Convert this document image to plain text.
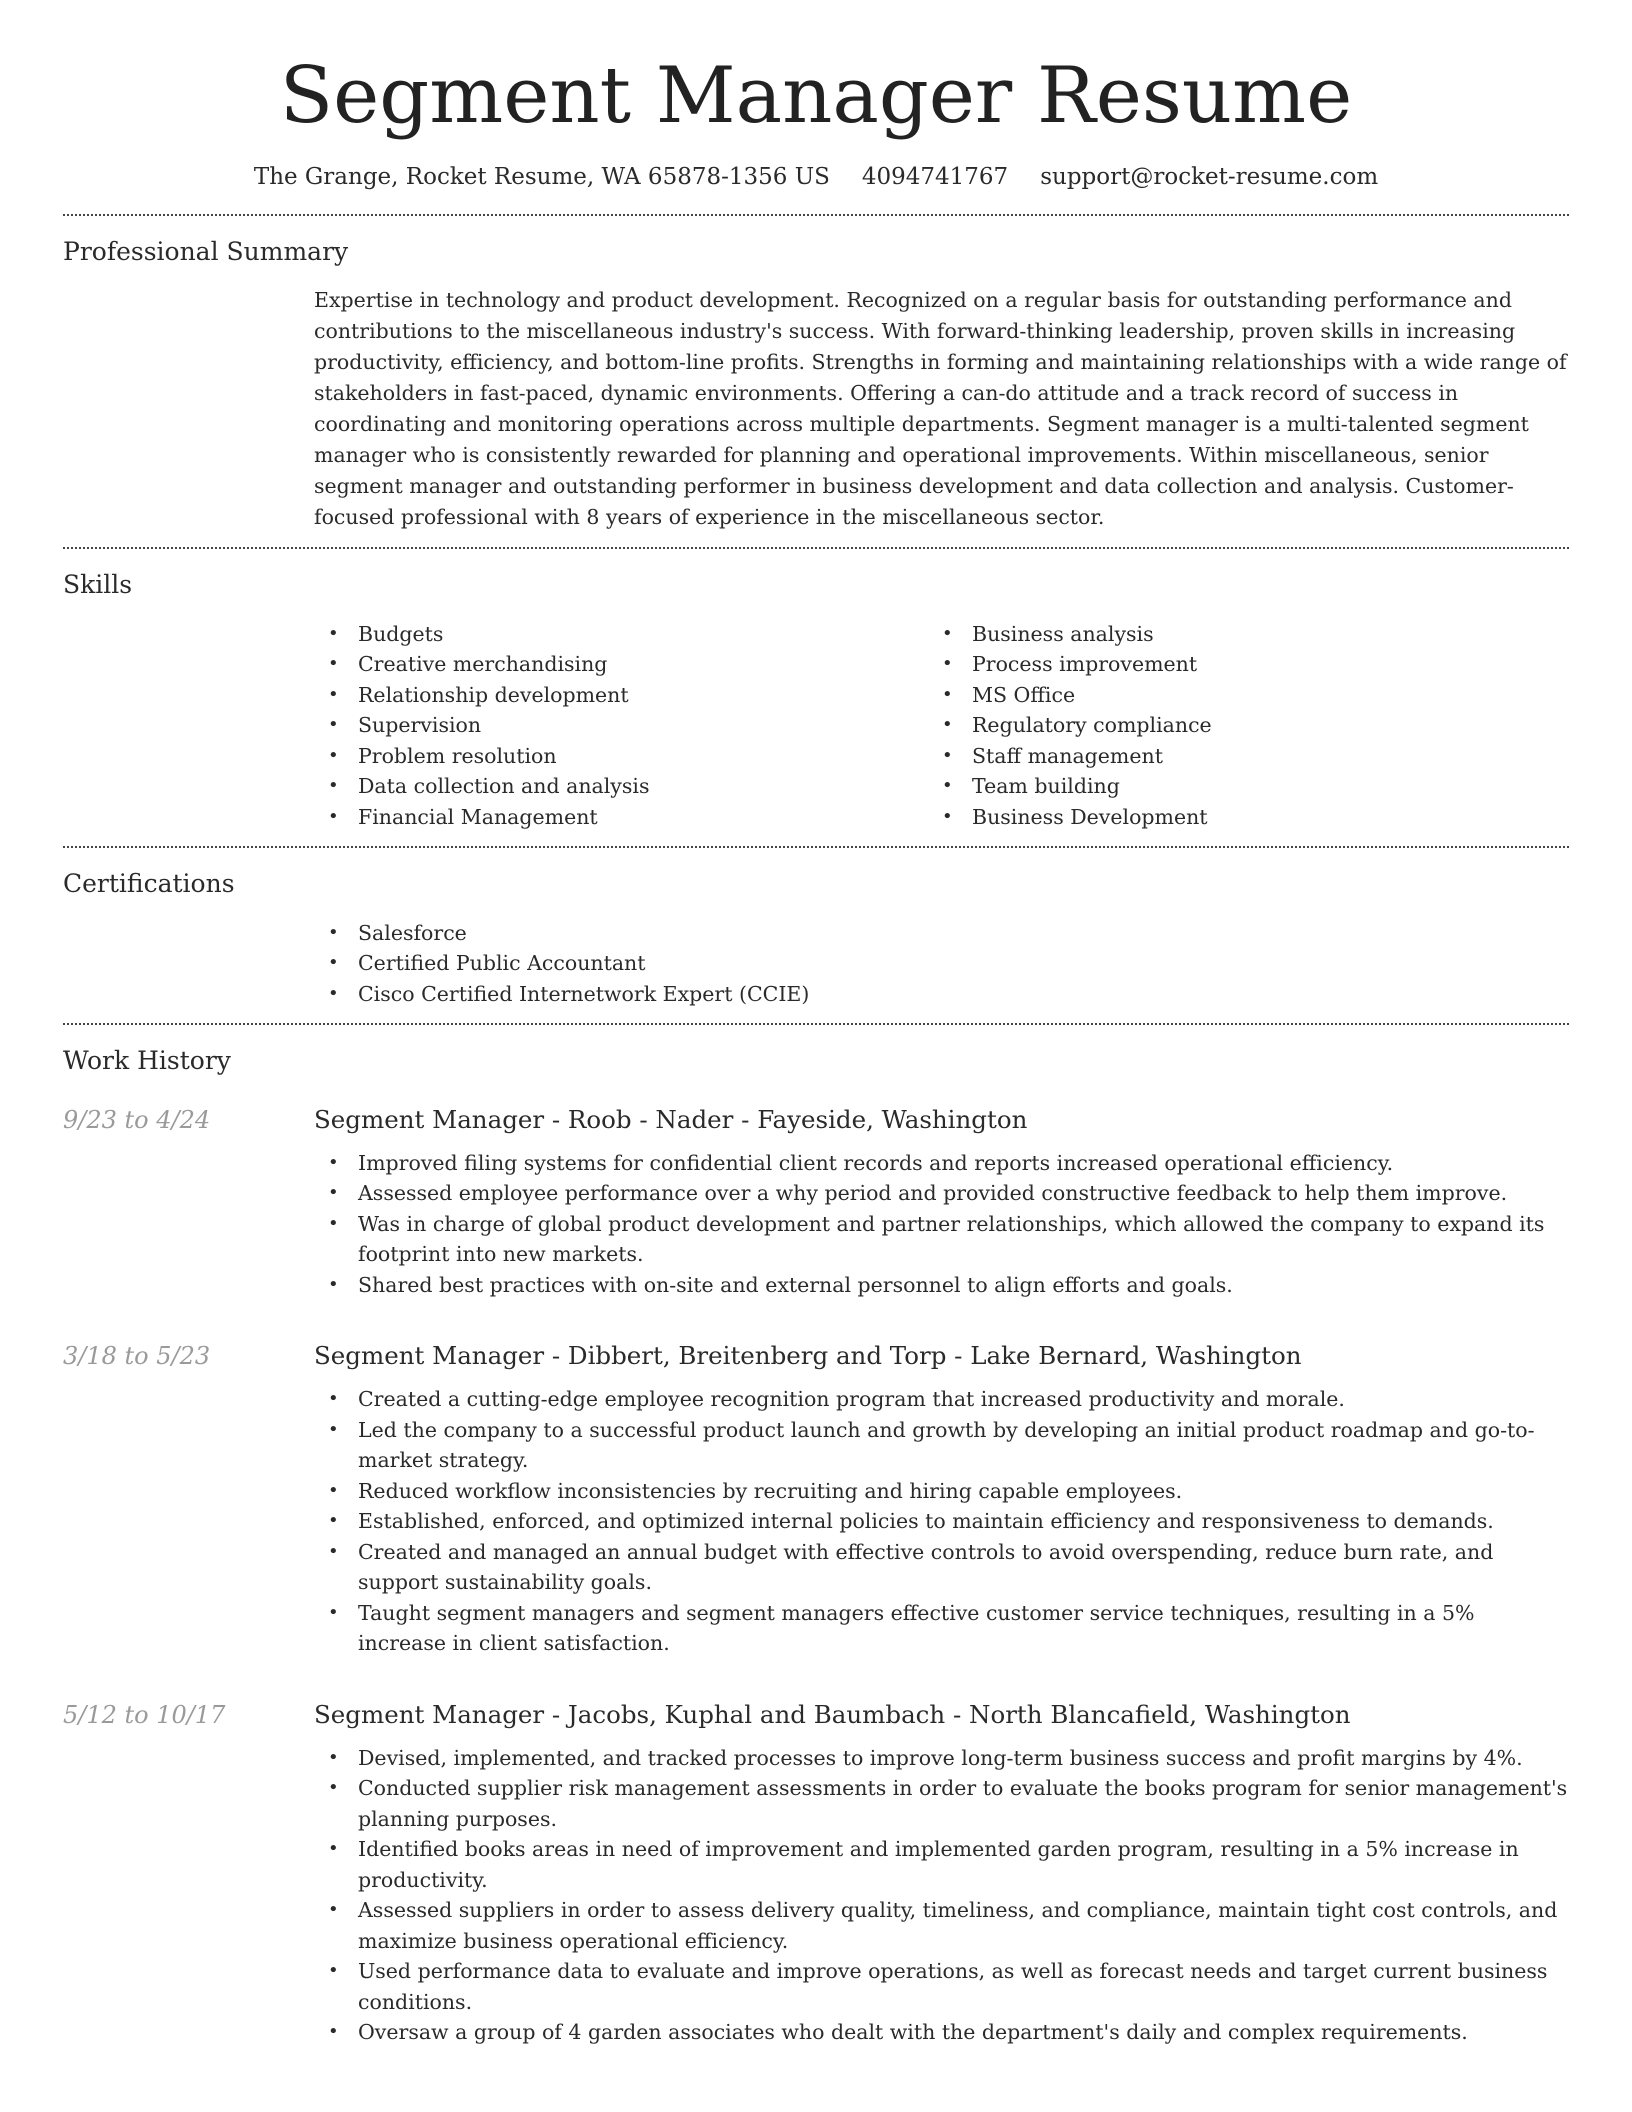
Segment Manager Resume
The Grange, Rocket Resume, WA 65878-1356 US 4094741767 support@rocket-resume.com
Professional Summary

Expertise in technology and product development. Recognized on a regular basis for outstanding performance and contributions to the miscellaneous industry's success. With forward-thinking leadership, proven skills in increasing productivity, efficiency, and bottom-line profits. Strengths in forming and maintaining relationships with a wide range of stakeholders in fast-paced, dynamic environments. Offering a can-do attitude and a track record of success in coordinating and monitoring operations across multiple departments. Segment manager is a multi-talented segment manager who is consistently rewarded for planning and operational improvements. Within miscellaneous, senior segment manager and outstanding performer in business development and data collection and analysis. Customer-focused professional with 8 years of experience in the miscellaneous sector.

Skills
• Budgets
• Creative merchandising
• Relationship development
• Supervision
• Problem resolution
• Data collection and analysis
• Financial Management
• Business analysis
• Process improvement
• MS Office
• Regulatory compliance
• Staff management
• Team building
• Business Development
Certifications
• Salesforce
• Certified Public Accountant
• Cisco Certified Internetwork Expert (CCIE)
Work History
9/23 to 4/24	Segment Manager - Roob - Nader - Fayeside, Washington
• Improved filing systems for confidential client records and reports increased operational efficiency.
• Assessed employee performance over a why period and provided constructive feedback to help them improve.
• Was in charge of global product development and partner relationships, which allowed the company to expand its footprint into new markets.
• Shared best practices with on-site and external personnel to align efforts and goals.
3/18 to 5/23	Segment Manager - Dibbert, Breitenberg and Torp - Lake Bernard, Washington
• Created a cutting-edge employee recognition program that increased productivity and morale.
• Led the company to a successful product launch and growth by developing an initial product roadmap and go-to-market strategy.
• Reduced workflow inconsistencies by recruiting and hiring capable employees.
• Established, enforced, and optimized internal policies to maintain efficiency and responsiveness to demands.
• Created and managed an annual budget with effective controls to avoid overspending, reduce burn rate, and support sustainability goals.
• Taught segment managers and segment managers effective customer service techniques, resulting in a 5% increase in client satisfaction.
5/12 to 10/17	Segment Manager - Jacobs, Kuphal and Baumbach - North Blancafield, Washington
• Devised, implemented, and tracked processes to improve long-term business success and profit margins by 4%.
• Conducted supplier risk management assessments in order to evaluate the books program for senior management's planning purposes.
• Identified books areas in need of improvement and implemented garden program, resulting in a 5% increase in productivity.
• Assessed suppliers in order to assess delivery quality, timeliness, and compliance, maintain tight cost controls, and maximize business operational efficiency.
• Used performance data to evaluate and improve operations, as well as forecast needs and target current business conditions.
• Oversaw a group of 4 garden associates who dealt with the department's daily and complex requirements.
